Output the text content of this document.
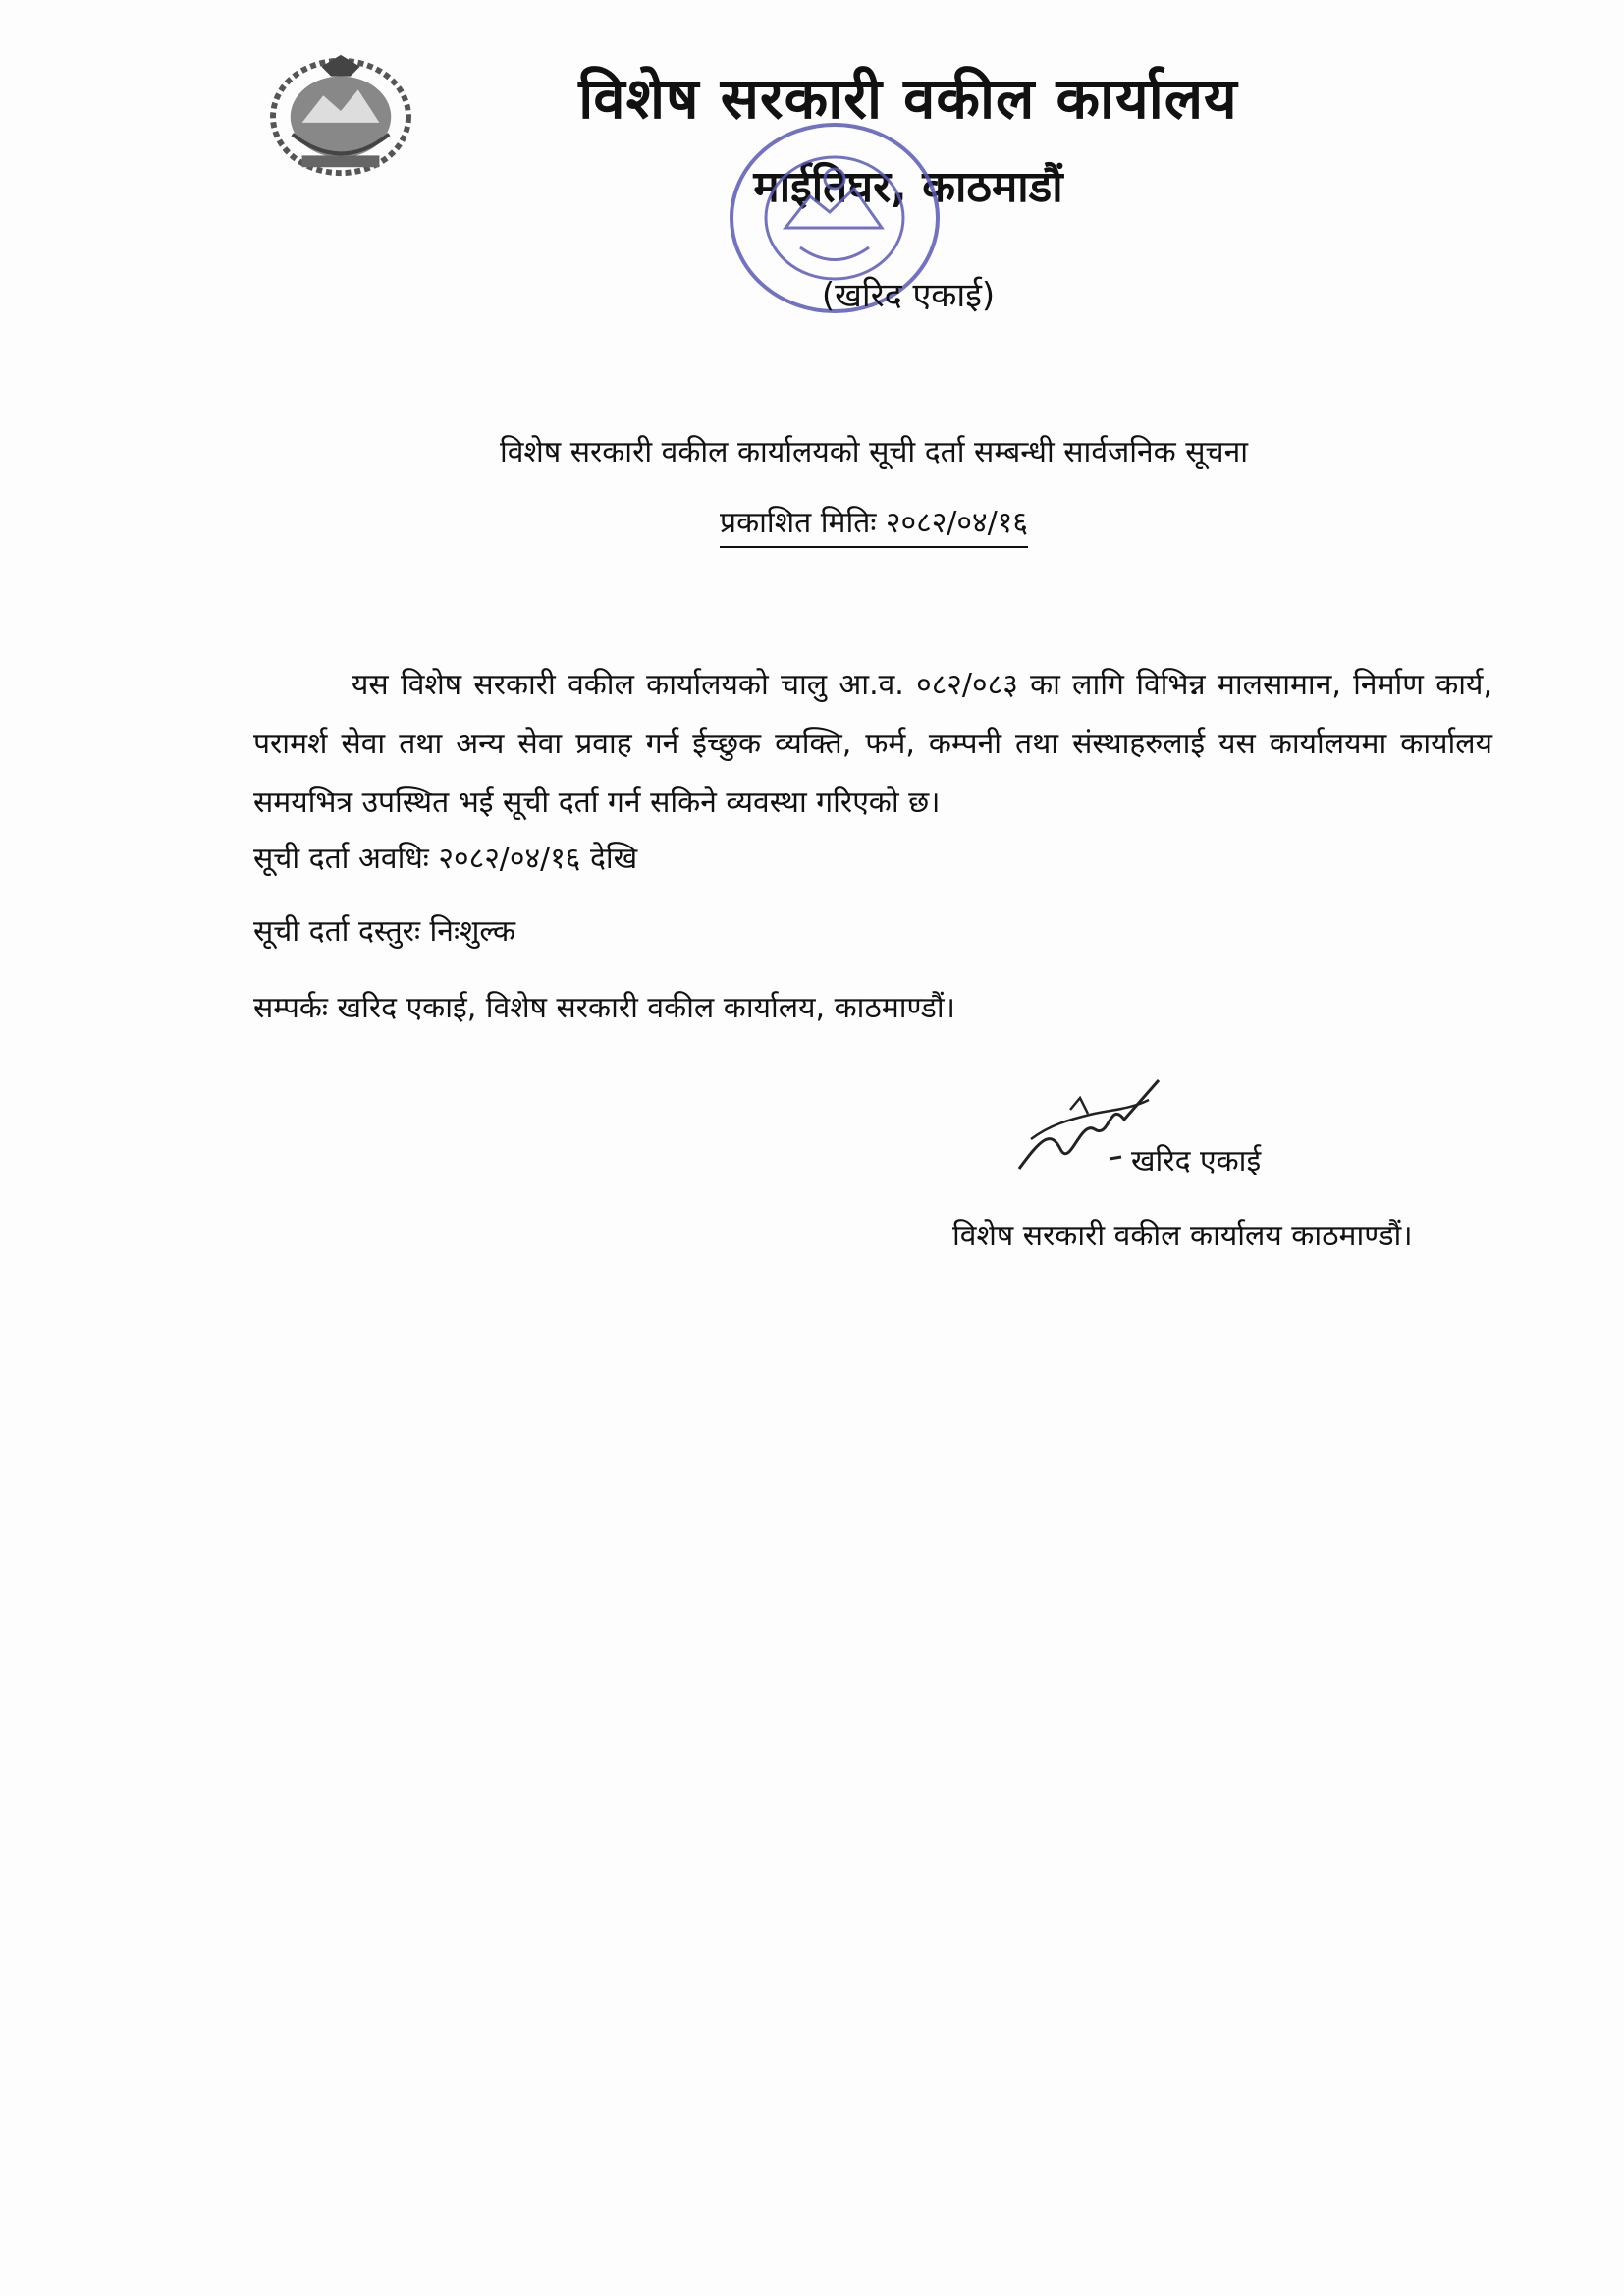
विशेष सरकारी वकील कार्यालय
माईतिघर, काठमाडौं
(खरिद एकाई)
विशेष सरकारी वकील कार्यालयको सूची दर्ता सम्बन्धी सार्वजनिक सूचना
प्रकाशित मितिः २०८२/०४/१६
यस विशेष सरकारी वकील कार्यालयको चालु आ.व. ०८२/०८३ का लागि विभिन्न मालसामान, निर्माण कार्य, परामर्श सेवा तथा अन्य सेवा प्रवाह गर्न ईच्छुक व्यक्ति, फर्म, कम्पनी तथा संस्थाहरुलाई यस कार्यालयमा कार्यालय समयभित्र उपस्थित भई सूची दर्ता गर्न सकिने व्यवस्था गरिएको छ।
सूची दर्ता अवधिः २०८२/०४/१६ देखि
सूची दर्ता दस्तुरः निःशुल्क
सम्पर्कः खरिद एकाई, विशेष सरकारी वकील कार्यालय, काठमाण्डौं।
खरिद एकाई
विशेष सरकारी वकील कार्यालय काठमाण्डौं।
